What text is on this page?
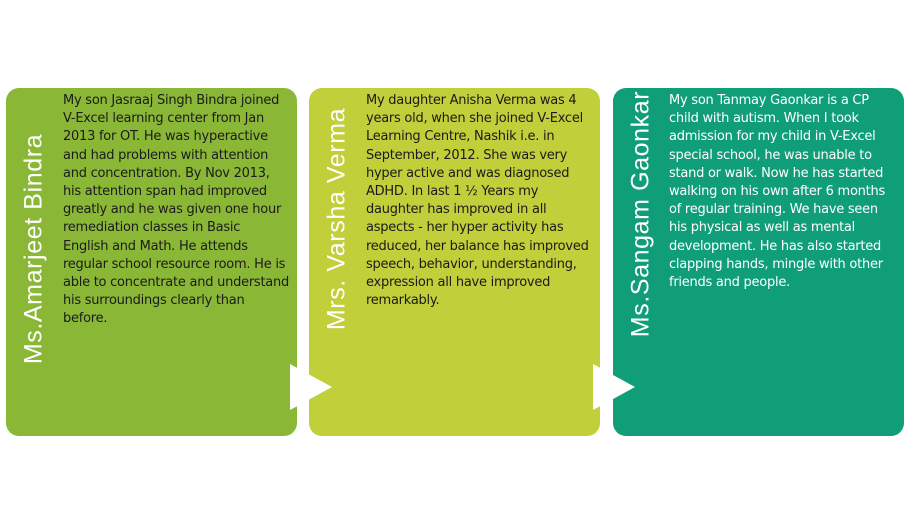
Ms.Amarjeet Bindra

My son Jasraaj Singh Bindra joined V-Excel learning center from Jan 2013 for OT. He was hyperactive and had problems with attention and concentration. By Nov 2013, his attention span had improved greatly and he was given one hour remediation classes in Basic English and Math. He attends regular school resource room. He is able to concentrate and understand his surroundings clearly than before.	Mrs. Varsha Verma

My daughter Anisha Verma was 4 years old, when she joined V-Excel Learning Centre, Nashik i.e. in September, 2012. She was very hyper active and was diagnosed ADHD. In last 1 ½ Years my daughter has improved in all aspects - her hyper activity has reduced, her balance has improved speech, behavior, understanding, expression all have improved remarkably.	Ms.Sangam Gaonkar My son Tanmay Gaonkar is a CP child with autism. When I took admission for my child in V-Excel special school, he was unable to stand or walk. Now he has started walking on his own after 6 months of regular training. We have seen his physical as well as mental development. He has also started clapping hands, mingle with other friends and people.
